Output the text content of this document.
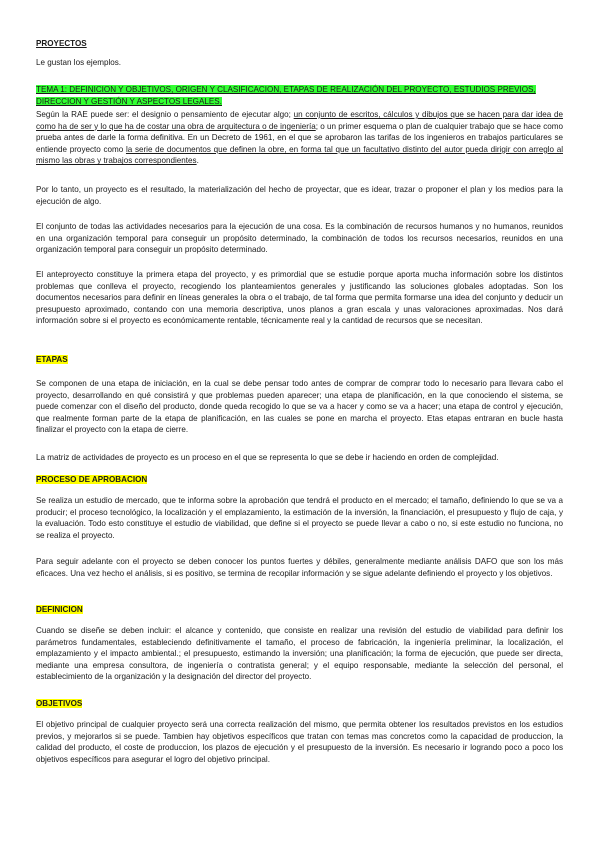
PROYECTOS
Le gustan los ejemplos.
TEMA 1: DEFINICION Y OBJETIVOS, ORIGEN Y CLASIFICACION, ETAPAS DE REALIZACIÓN DEL PROYECTO, ESTUDIOS PREVIOS, DIRECCION Y GESTIÓN Y ASPECTOS LEGALES.
Según la RAE puede ser: el designio o pensamiento de ejecutar algo; un conjunto de escritos, cálculos y dibujos que se hacen para dar idea de como ha de ser y lo que ha de costar una obra de arquitectura o de ingeniería; o un primer esquema o plan de cualquier trabajo que se hace como prueba antes de darle la forma definitiva. En un Decreto de 1961, en el que se aprobaron las tarifas de los ingenieros en trabajos particulares se entiende proyecto como la serie de documentos que definen la obre, en forma tal que un facultativo distinto del autor pueda dirigir con arreglo al mismo las obras y trabajos correspondientes.
Por lo tanto, un proyecto es el resultado, la materialización del hecho de proyectar, que es idear, trazar o proponer el plan y los medios para la ejecución de algo.
El conjunto de todas las actividades necesarios para la ejecución de una cosa. Es la combinación de recursos humanos y no humanos, reunidos en una organización temporal para conseguir un propósito determinado, la combinación de todos los recursos necesarios, reunidos en una organización temporal para conseguir un propósito determinado.
El anteproyecto constituye la primera etapa del proyecto, y es primordial que se estudie porque aporta mucha información sobre los distintos problemas que conlleva el proyecto, recogiendo los planteamientos generales y justificando las soluciones globales adoptadas. Son los documentos necesarios para definir en líneas generales la obra o el trabajo, de tal forma que permita formarse una idea del conjunto y deducir un presupuesto aproximado, contando con una memoria descriptiva, unos planos a gran escala y unas valoraciones aproximadas. Nos dará información sobre si el proyecto es económicamente rentable, técnicamente real y la cantidad de recursos que se necesitan.
ETAPAS
Se componen de una etapa de iniciación, en la cual se debe pensar todo antes de comprar de comprar todo lo necesario para llevara cabo el proyecto, desarrollando en qué consistirá y que problemas pueden aparecer; una etapa de planificación, en la que conociendo el sistema, se puede comenzar con el diseño del producto, donde queda recogido lo que se va a hacer y como se va a hacer; una etapa de control y ejecución, que realmente forman parte de la etapa de planificación, en las cuales se pone en marcha el proyecto. Etas etapas entraran en bucle hasta finalizar el proyecto con la etapa de cierre.
La matriz de actividades de proyecto es un proceso en el que se representa lo que se debe ir haciendo en orden de complejidad.
PROCESO DE APROBACION
Se realiza un estudio de mercado, que te informa sobre la aprobación que tendrá el producto en el mercado; el tamaño, definiendo lo que se va a producir; el proceso tecnológico, la localización y el emplazamiento, la estimación de la inversión, la financiación, el presupuesto y flujo de caja, y la evaluación. Todo esto constituye el estudio de viabilidad, que define si el proyecto se puede llevar a cabo o no, si este estudio no funciona, no se realiza el proyecto.
Para seguir adelante con el proyecto se deben conocer los puntos fuertes y débiles, generalmente mediante análisis DAFO que son los más eficaces. Una vez hecho el análisis, si es positivo, se termina de recopilar información y se sigue adelante definiendo el proyecto y los objetivos.
DEFINICION
Cuando se diseñe se deben incluir: el alcance y contenido, que consiste en realizar una revisión del estudio de viabilidad para definir los parámetros fundamentales, estableciendo definitivamente el tamaño, el proceso de fabricación, la ingeniería preliminar, la localización, el emplazamiento y el impacto ambiental.; el presupuesto, estimando la inversión; una planificación; la forma de ejecución, que puede ser directa, mediante una empresa consultora, de ingeniería o contratista general; y el equipo responsable, mediante la selección del personal, el establecimiento de la organización y la designación del director del proyecto.
OBJETIVOS
El objetivo principal de cualquier proyecto será una correcta realización del mismo, que permita obtener los resultados previstos en los estudios previos, y mejorarlos si se puede. Tambien hay objetivos específicos que tratan con temas mas concretos como la capacidad de produccion, la calidad del producto, el coste de produccion, los plazos de ejecución y el presupuesto de la inversión. Es necesario ir logrando poco a poco los objetivos específicos para asegurar el logro del objetivo principal.
